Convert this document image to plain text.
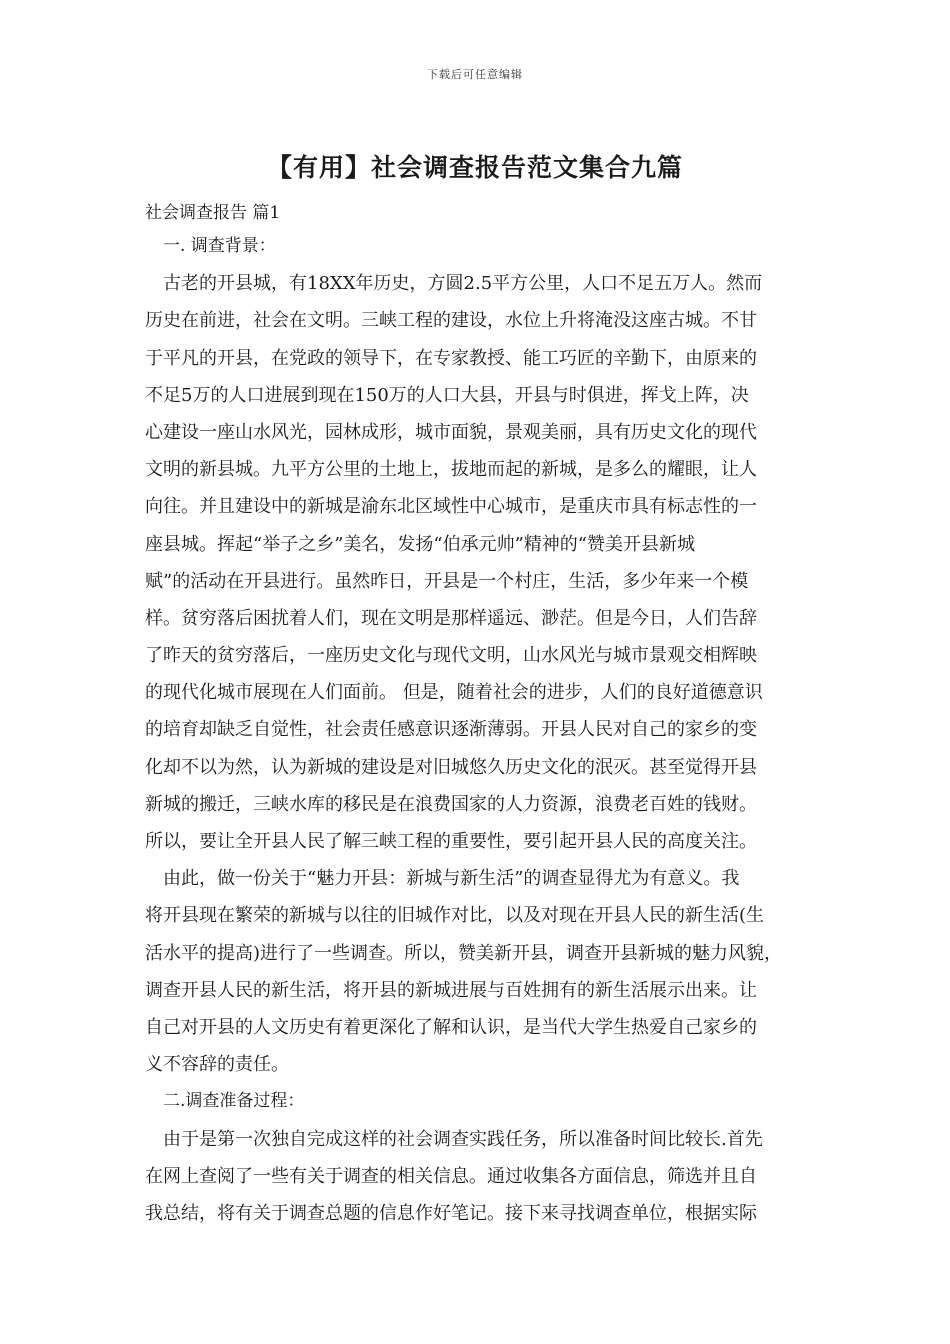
下载后可任意编辑
【有用】社会调查报告范文集合九篇
社会调查报告 篇1
一. 调查背景：
古老的开县城，有18XX年历史，方圆2.5平方公里，人口不足五万人。然而
历史在前进，社会在文明。三峡工程的建设，水位上升将淹没这座古城。不甘
于平凡的开县，在党政的领导下，在专家教授、能工巧匠的辛勤下，由原来的
不足5万的人口进展到现在150万的人口大县，开县与时俱进，挥戈上阵，决
心建设一座山水风光，园林成形，城市面貌，景观美丽，具有历史文化的现代
文明的新县城。九平方公里的土地上，拔地而起的新城，是多么的耀眼，让人
向往。并且建设中的新城是渝东北区域性中心城市，是重庆市具有标志性的一
座县城。挥起“举子之乡”美名，发扬“伯承元帅”精神的“赞美开县新城
赋”的活动在开县进行。虽然昨日，开县是一个村庄，生活，多少年来一个模
样。贫穷落后困扰着人们，现在文明是那样遥远、渺茫。但是今日，人们告辞
了昨天的贫穷落后，一座历史文化与现代文明，山水风光与城市景观交相辉映
的现代化城市展现在人们面前。 但是，随着社会的进步，人们的良好道德意识
的培育却缺乏自觉性，社会责任感意识逐渐薄弱。开县人民对自己的家乡的变
化却不以为然，认为新城的建设是对旧城悠久历史文化的泯灭。甚至觉得开县
新城的搬迁，三峡水库的移民是在浪费国家的人力资源，浪费老百姓的钱财。
所以，要让全开县人民了解三峡工程的重要性，要引起开县人民的高度关注。
由此，做一份关于“魅力开县：新城与新生活”的调查显得尤为有意义。我
将开县现在繁荣的新城与以往的旧城作对比，以及对现在开县人民的新生活(生
活水平的提高)进行了一些调查。所以，赞美新开县，调查开县新城的魅力风貌，
调查开县人民的新生活，将开县的新城进展与百姓拥有的新生活展示出来。让
自己对开县的人文历史有着更深化了解和认识，是当代大学生热爱自己家乡的
义不容辞的责任。
二.调查准备过程：
由于是第一次独自完成这样的社会调查实践任务，所以准备时间比较长.首先
在网上查阅了一些有关于调查的相关信息。通过收集各方面信息，筛选并且自
我总结，将有关于调查总题的信息作好笔记。接下来寻找调查单位，根据实际
